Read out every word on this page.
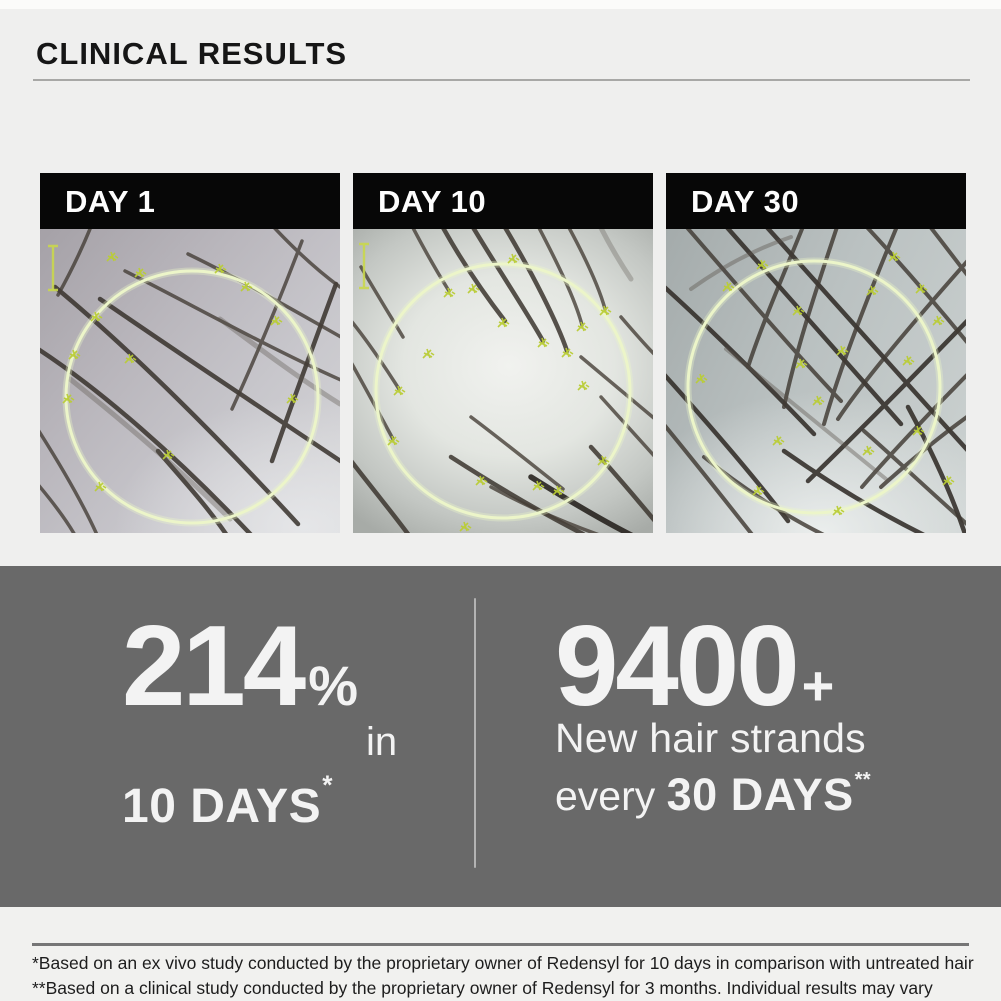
CLINICAL RESULTS
DAY 1	DAY 10	DAY 30
214 %
in
10 DAYS*
9400 +
New hair strands
every 30 DAYS**

*Based on an ex vivo study conducted by the proprietary owner of Redensyl for 10 days in comparison with untreated hair

**Based on a clinical study conducted by the proprietary owner of Redensyl for 3 months. Individual results may vary
